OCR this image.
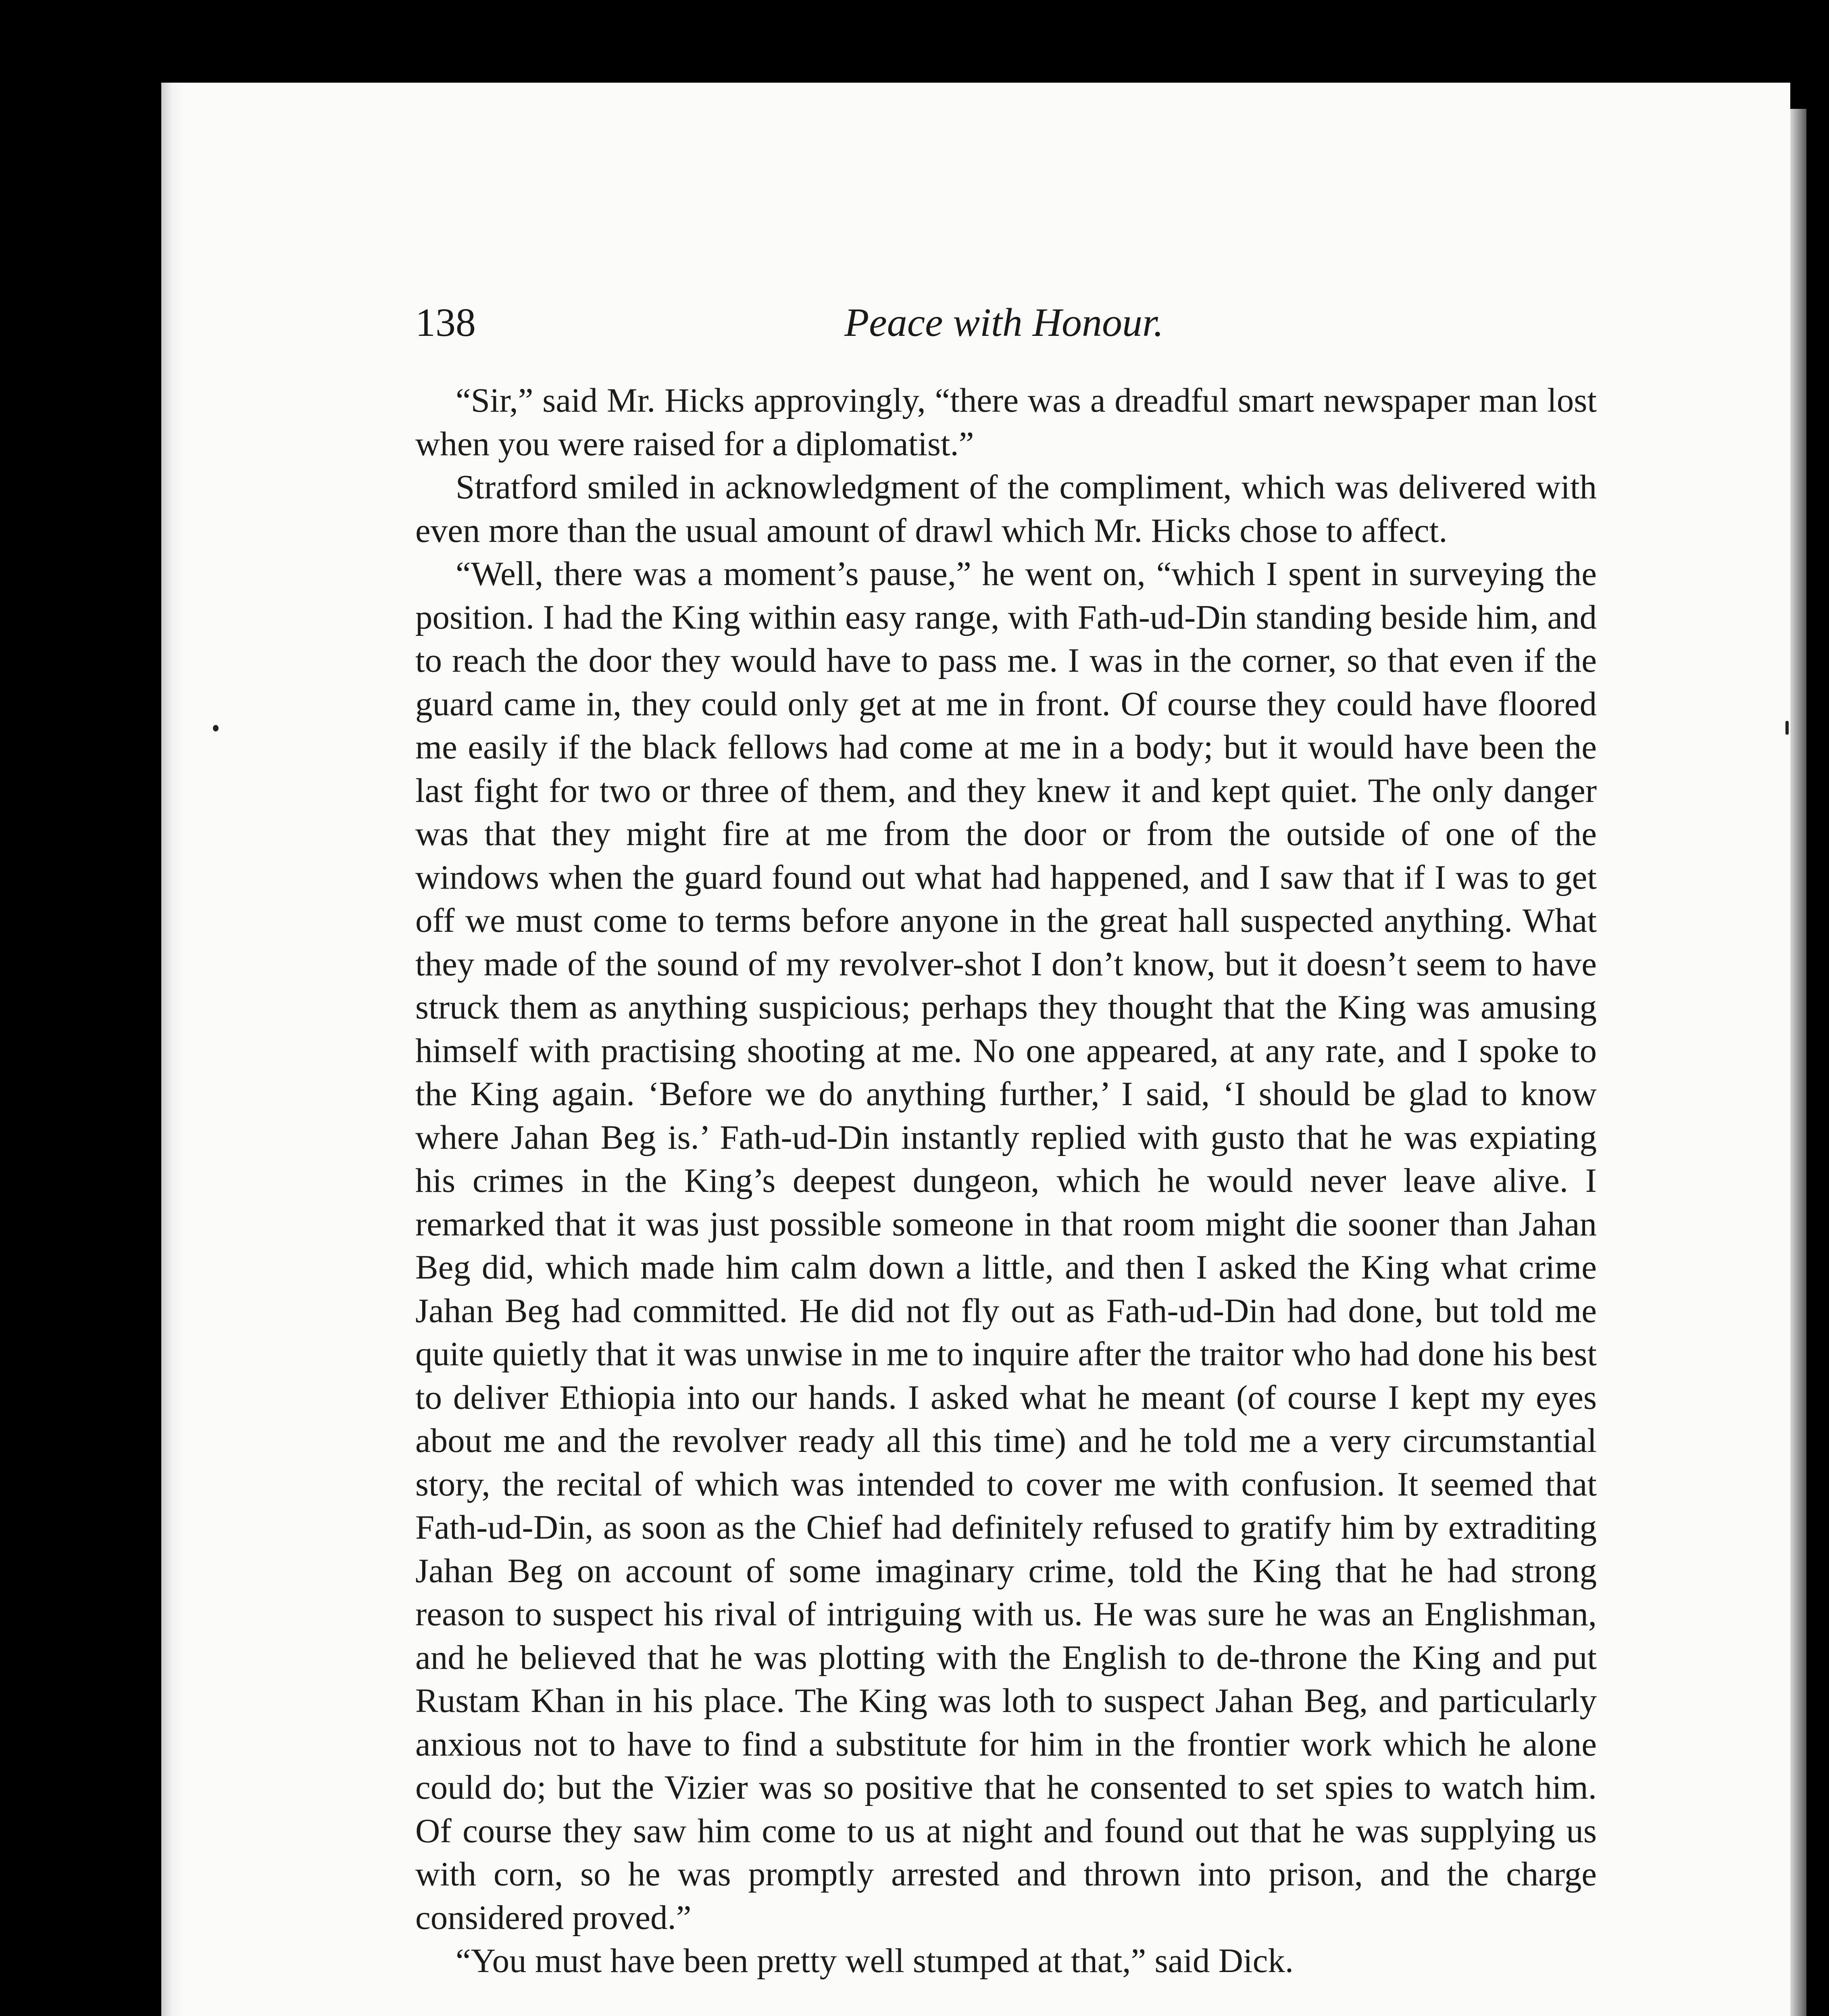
138	Peace with Honour.

“Sir,” said Mr. Hicks approvingly, “there was a dreadful smart newspaper man lost when you were raised for a diplomatist.”

Stratford smiled in acknowledgment of the compliment, which was delivered with even more than the usual amount of drawl which Mr. Hicks chose to affect.

“Well, there was a moment’s pause,” he went on, “which I spent in surveying the position. I had the King within easy range, with Fath-ud-Din standing beside him, and to reach the door they would have to pass me. I was in the corner, so that even if the guard came in, they could only get at me in front. Of course they could have floored me easily if the black fellows had come at me in a body; but it would have been the last fight for two or three of them, and they knew it and kept quiet. The only danger was that they might fire at me from the door or from the outside of one of the windows when the guard found out what had happened, and I saw that if I was to get off we must come to terms before anyone in the great hall suspected anything. What they made of the sound of my revolver-shot I don’t know, but it doesn’t seem to have struck them as anything suspicious; perhaps they thought that the King was amusing himself with practising shooting at me. No one appeared, at any rate, and I spoke to the King again. ‘Before we do anything further,’ I said, ‘I should be glad to know where Jahan Beg is.’ Fath-ud-Din instantly replied with gusto that he was expiating his crimes in the King’s deepest dungeon, which he would never leave alive. I remarked that it was just possible someone in that room might die sooner than Jahan Beg did, which made him calm down a little, and then I asked the King what crime Jahan Beg had committed. He did not fly out as Fath-ud-Din had done, but told me quite quietly that it was unwise in me to inquire after the traitor who had done his best to deliver Ethiopia into our hands. I asked what he meant (of course I kept my eyes about me and the revolver ready all this time) and he told me a very circumstantial story, the recital of which was intended to cover me with confusion. It seemed that Fath-ud-Din, as soon as the Chief had definitely refused to gratify him by extraditing Jahan Beg on account of some imaginary crime, told the King that he had strong reason to suspect his rival of intriguing with us. He was sure he was an Englishman, and he believed that he was plotting with the English to de-throne the King and put Rustam Khan in his place. The King was loth to suspect Jahan Beg, and particularly anxious not to have to find a substitute for him in the frontier work which he alone could do; but the Vizier was so positive that he consented to set spies to watch him. Of course they saw him come to us at night and found out that he was supplying us with corn, so he was promptly arrested and thrown into prison, and the charge considered proved.”

“You must have been pretty well stumped at that,” said Dick.
